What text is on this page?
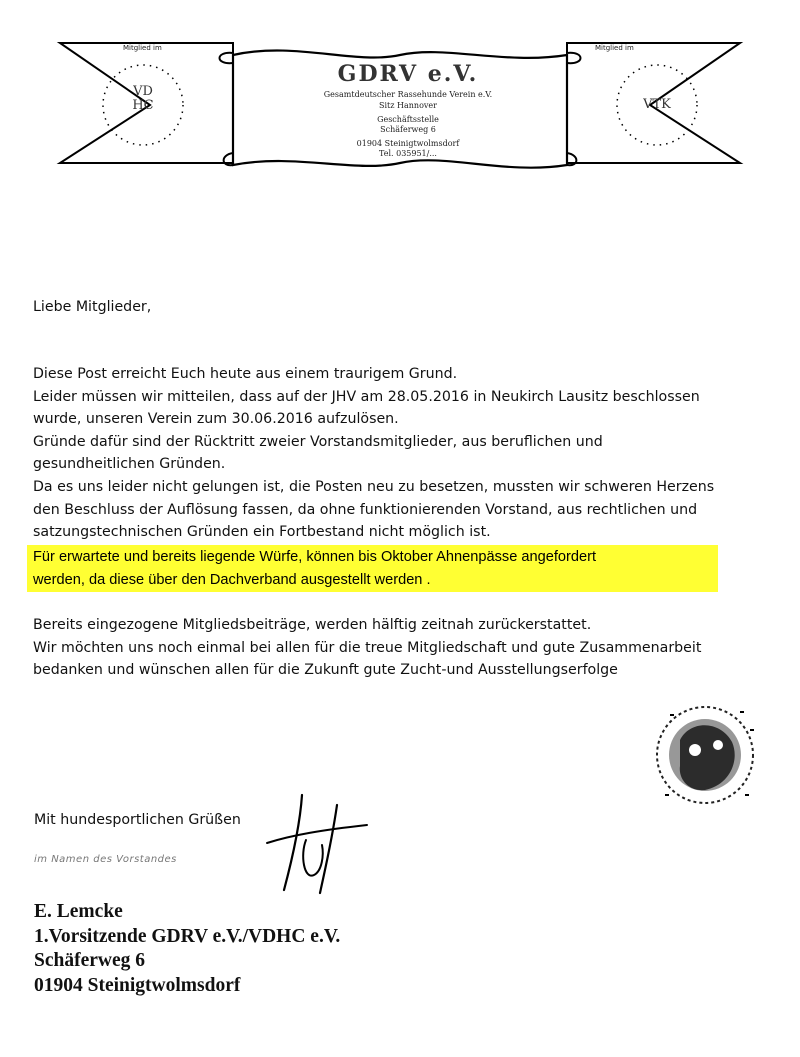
Mitglied im	Mitglied im
VD
HC	VTK
GDRV e.V.
Gesamtdeutscher Rassehunde Verein e.V.
Sitz Hannover
Geschäftsstelle
Schäferweg 6
01904 Steinigtwolmsdorf
Tel. 035951/...
Liebe Mitglieder,
Diese Post erreicht Euch heute aus einem traurigem Grund.
Leider müssen wir mitteilen, dass auf der JHV am 28.05.2016 in Neukirch Lausitz beschlossen
wurde, unseren Verein zum 30.06.2016 aufzulösen.
Gründe dafür sind der Rücktritt zweier Vorstandsmitglieder, aus beruflichen und
gesundheitlichen Gründen.
Da es uns leider nicht gelungen ist, die Posten neu zu besetzen, mussten wir schweren Herzens
den Beschluss der Auflösung fassen, da ohne funktionierenden Vorstand, aus rechtlichen und
satzungstechnischen Gründen ein Fortbestand nicht möglich ist.
Für erwartete und bereits liegende Würfe, können bis Oktober Ahnenpässe angefordert
werden, da diese über den Dachverband ausgestellt werden .
Bereits eingezogene Mitgliedsbeiträge, werden hälftig zeitnah zurückerstattet.
Wir möchten uns noch einmal bei allen für die treue Mitgliedschaft und gute Zusammenarbeit
bedanken und wünschen allen für die Zukunft gute Zucht-und Ausstellungserfolge
Mit hundesportlichen Grüßen
im Namen des Vorstandes
E. Lemcke
1.Vorsitzende GDRV e.V./VDHC e.V.
Schäferweg 6
01904 Steinigtwolmsdorf
